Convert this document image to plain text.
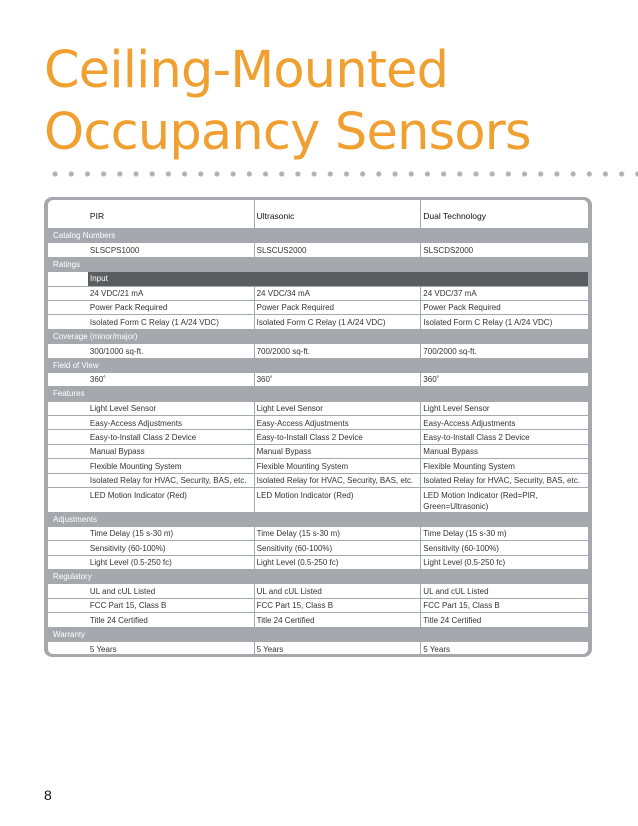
Ceiling-Mounted
Occupancy Sensors
PIR	Ultrasonic	Dual Technology
Catalog Numbers
SLSCPS1000	SLSCUS2000	SLSCDS2000
Ratings
Input
24 VDC/21 mA	24 VDC/34 mA	24 VDC/37 mA
Power Pack Required	Power Pack Required	Power Pack Required
Isolated Form C Relay (1 A/24 VDC)	Isolated Form C Relay (1 A/24 VDC)	Isolated Form C Relay (1 A/24 VDC)
Coverage (minor/major)
300/1000 sq-ft.	700/2000 sq-ft.	700/2000 sq-ft.
Field of View
360˚	360˚	360˚
Features
Light Level Sensor	Light Level Sensor	Light Level Sensor
Easy-Access Adjustments	Easy-Access Adjustments	Easy-Access Adjustments
Easy-to-Install Class 2 Device	Easy-to-Install Class 2 Device	Easy-to-Install Class 2 Device
Manual Bypass	Manual Bypass	Manual Bypass
Flexible Mounting System	Flexible Mounting System	Flexible Mounting System
Isolated Relay for HVAC, Security, BAS, etc.	Isolated Relay for HVAC, Security, BAS, etc.	Isolated Relay for HVAC, Security, BAS, etc.
LED Motion Indicator (Red)	LED Motion Indicator (Red)	LED Motion Indicator (Red=PIR, Green=Ultrasonic)
Adjustments
Time Delay (15 s-30 m)	Time Delay (15 s-30 m)	Time Delay (15 s-30 m)
Sensitivity (60-100%)	Sensitivity (60-100%)	Sensitivity (60-100%)
Light Level (0.5-250 fc)	Light Level (0.5-250 fc)	Light Level (0.5-250 fc)
Regulatory
UL and cUL Listed	UL and cUL Listed	UL and cUL Listed
FCC Part 15, Class B	FCC Part 15, Class B	FCC Part 15, Class B
Title 24 Certified	Title 24 Certified	Title 24 Certified
Warranty
5 Years	5 Years	5 Years
8
